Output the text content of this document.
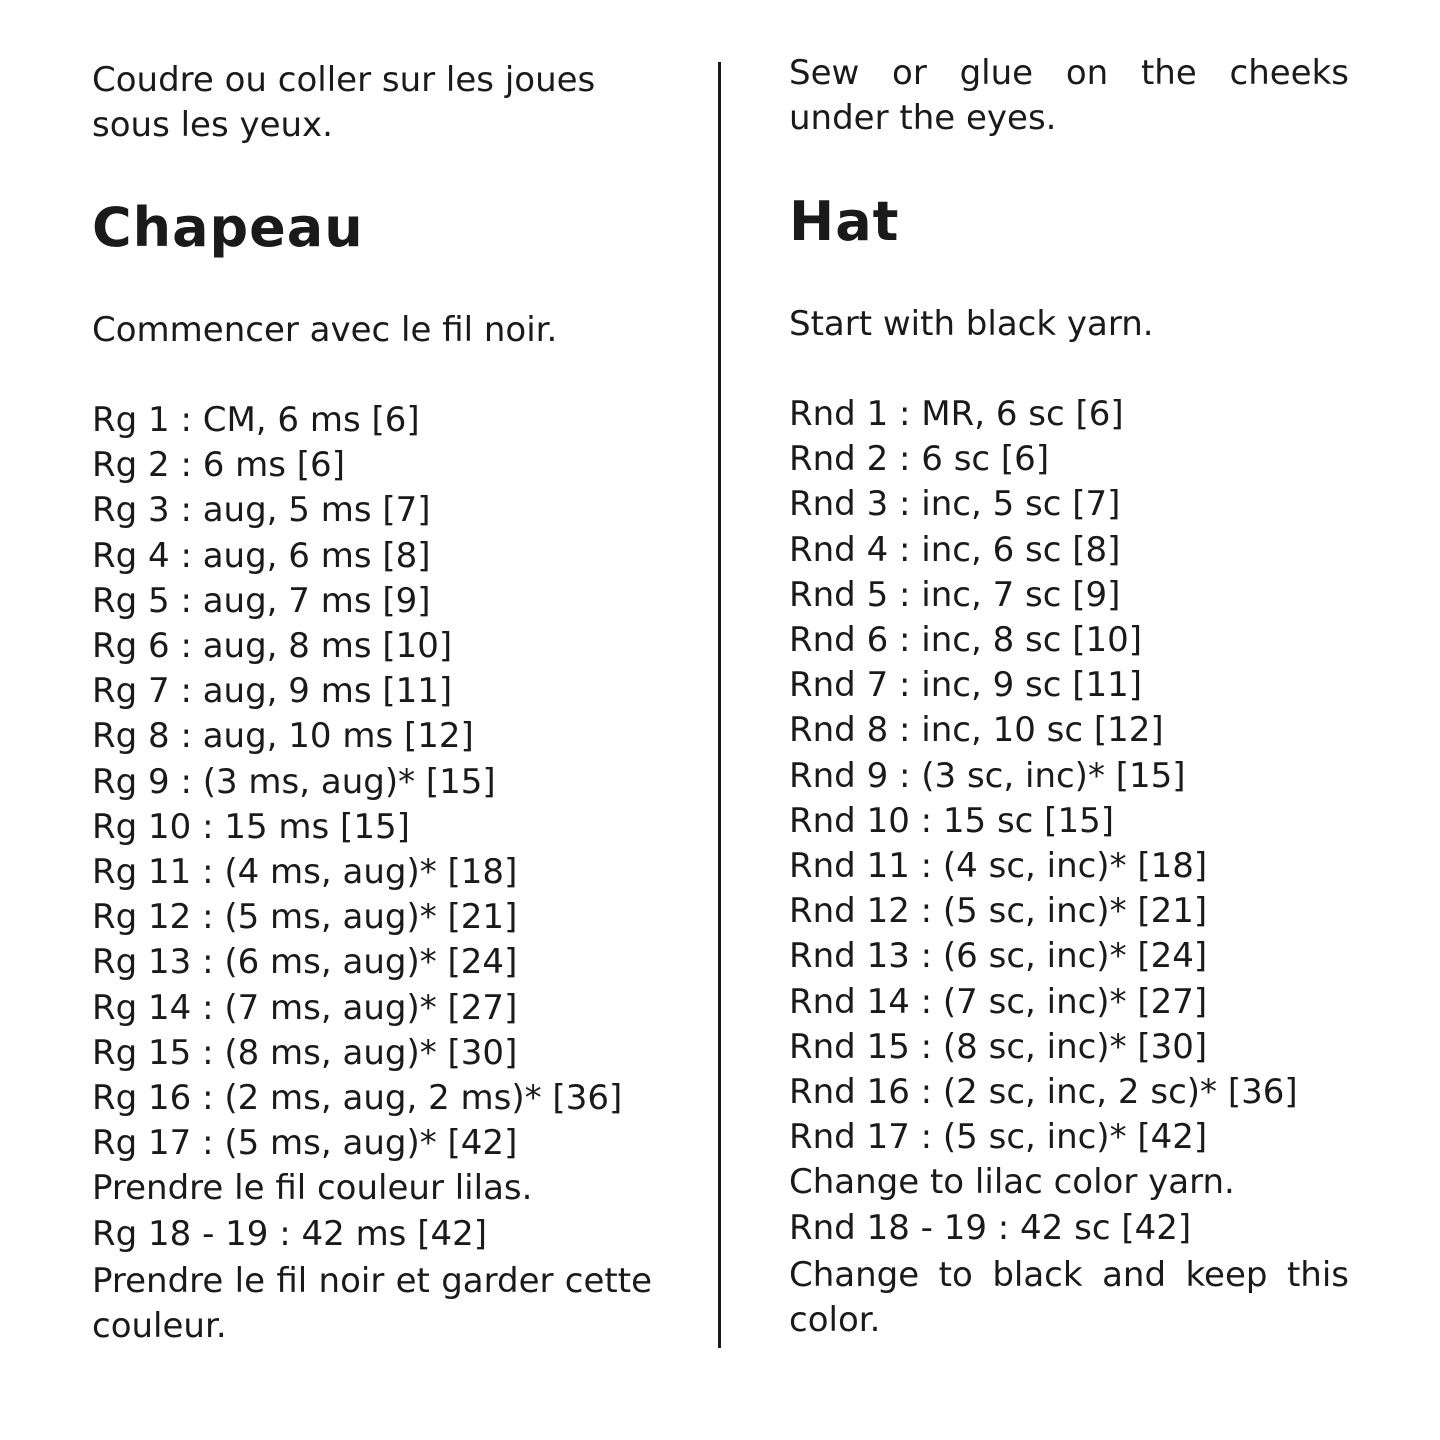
Coudre ou coller sur les joues sous les yeux.

Chapeau

Commencer avec le fil noir.

Rg 1 : CM, 6 ms [6]
Rg 2 : 6 ms [6]
Rg 3 : aug, 5 ms [7]
Rg 4 : aug, 6 ms [8]
Rg 5 : aug, 7 ms [9]
Rg 6 : aug, 8 ms [10]
Rg 7 : aug, 9 ms [11]
Rg 8 : aug, 10 ms [12]
Rg 9 : (3 ms, aug)* [15]
Rg 10 : 15 ms [15]
Rg 11 : (4 ms, aug)* [18]
Rg 12 : (5 ms, aug)* [21]
Rg 13 : (6 ms, aug)* [24]
Rg 14 : (7 ms, aug)* [27]
Rg 15 : (8 ms, aug)* [30]
Rg 16 : (2 ms, aug, 2 ms)* [36]
Rg 17 : (5 ms, aug)* [42]
Prendre le fil couleur lilas.
Rg 18 - 19 : 42 ms [42]

Prendre le fil noir et garder cette couleur.

Sew or glue on the cheeks under the eyes.

Hat

Start with black yarn.

Rnd 1 : MR, 6 sc [6]
Rnd 2 : 6 sc [6]
Rnd 3 : inc, 5 sc [7]
Rnd 4 : inc, 6 sc [8]
Rnd 5 : inc, 7 sc [9]
Rnd 6 : inc, 8 sc [10]
Rnd 7 : inc, 9 sc [11]
Rnd 8 : inc, 10 sc [12]
Rnd 9 : (3 sc, inc)* [15]
Rnd 10 : 15 sc [15]
Rnd 11 : (4 sc, inc)* [18]
Rnd 12 : (5 sc, inc)* [21]
Rnd 13 : (6 sc, inc)* [24]
Rnd 14 : (7 sc, inc)* [27]
Rnd 15 : (8 sc, inc)* [30]
Rnd 16 : (2 sc, inc, 2 sc)* [36]
Rnd 17 : (5 sc, inc)* [42]
Change to lilac color yarn.
Rnd 18 - 19 : 42 sc [42]

Change to black and keep this color.
